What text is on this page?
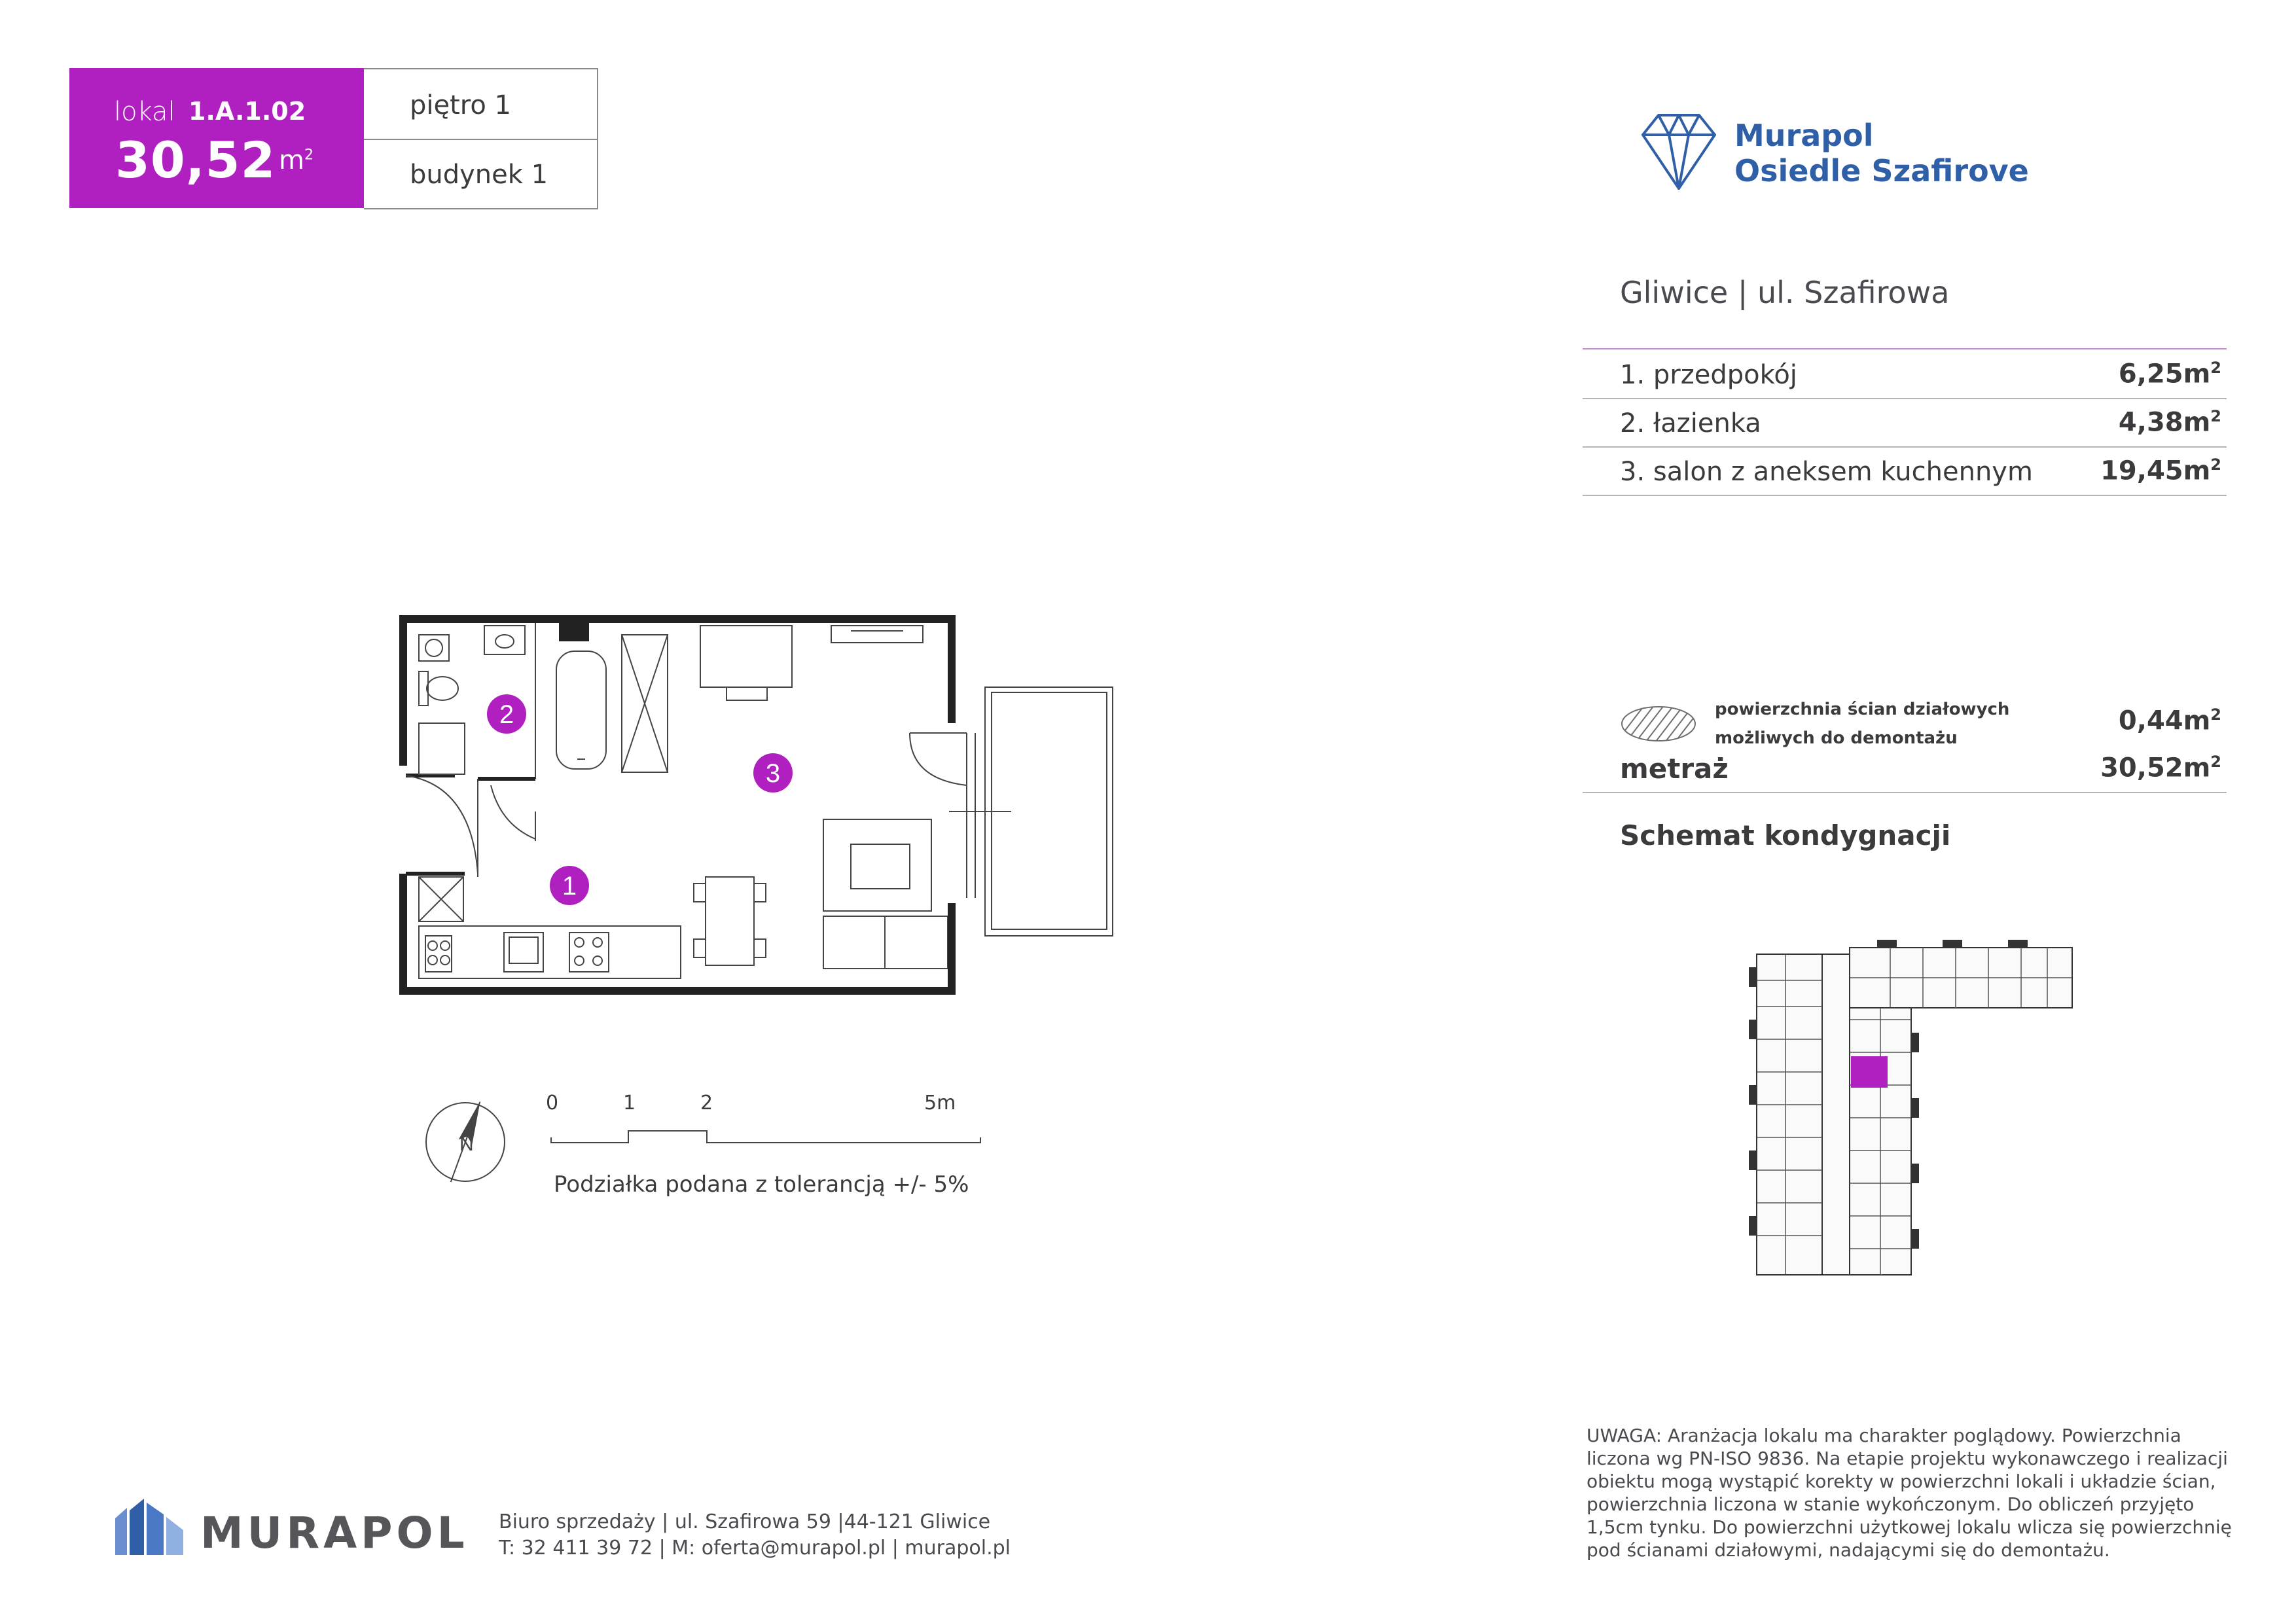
lokal 1.A.1.02
30,52 $m^2$
piętro 1
budynek 1
Murapol
Osiedle Szafirove
Gliwice | ul. Szafirowa
1. przedpokój	$6,25m^2$
2. łazienka	$4,38m^2$
3. salon z aneksem kuchennym	$19,45m^2$
powierzchnia ścian działowych możliwych do demontażu
$0,44m^2$
metraż	$30,52m^2$
Schemat kondygnacji
2
3
1
N
0	1	2	5m
Podziałka podana z tolerancją +/- 5%
UWAGA: Aranżacja lokalu ma charakter poglądowy. Powierzchnia liczona wg PN-ISO 9836. Na etapie projektu wykonawczego i realizacji obiektu mogą wystąpić korekty w powierzchni lokali i układzie ścian, powierzchnia liczona w stanie wykończonym. Do obliczeń przyjęto 1,5cm tynku. Do powierzchni użytkowej lokalu wlicza się powierzchnię pod ścianami działowymi, nadającymi się do demontażu.
MURAPOL Biuro sprzedaży | ul. Szafirowa 59 |44-121 Gliwice
T: 32 411 39 72 | M: oferta@murapol.pl | murapol.pl
